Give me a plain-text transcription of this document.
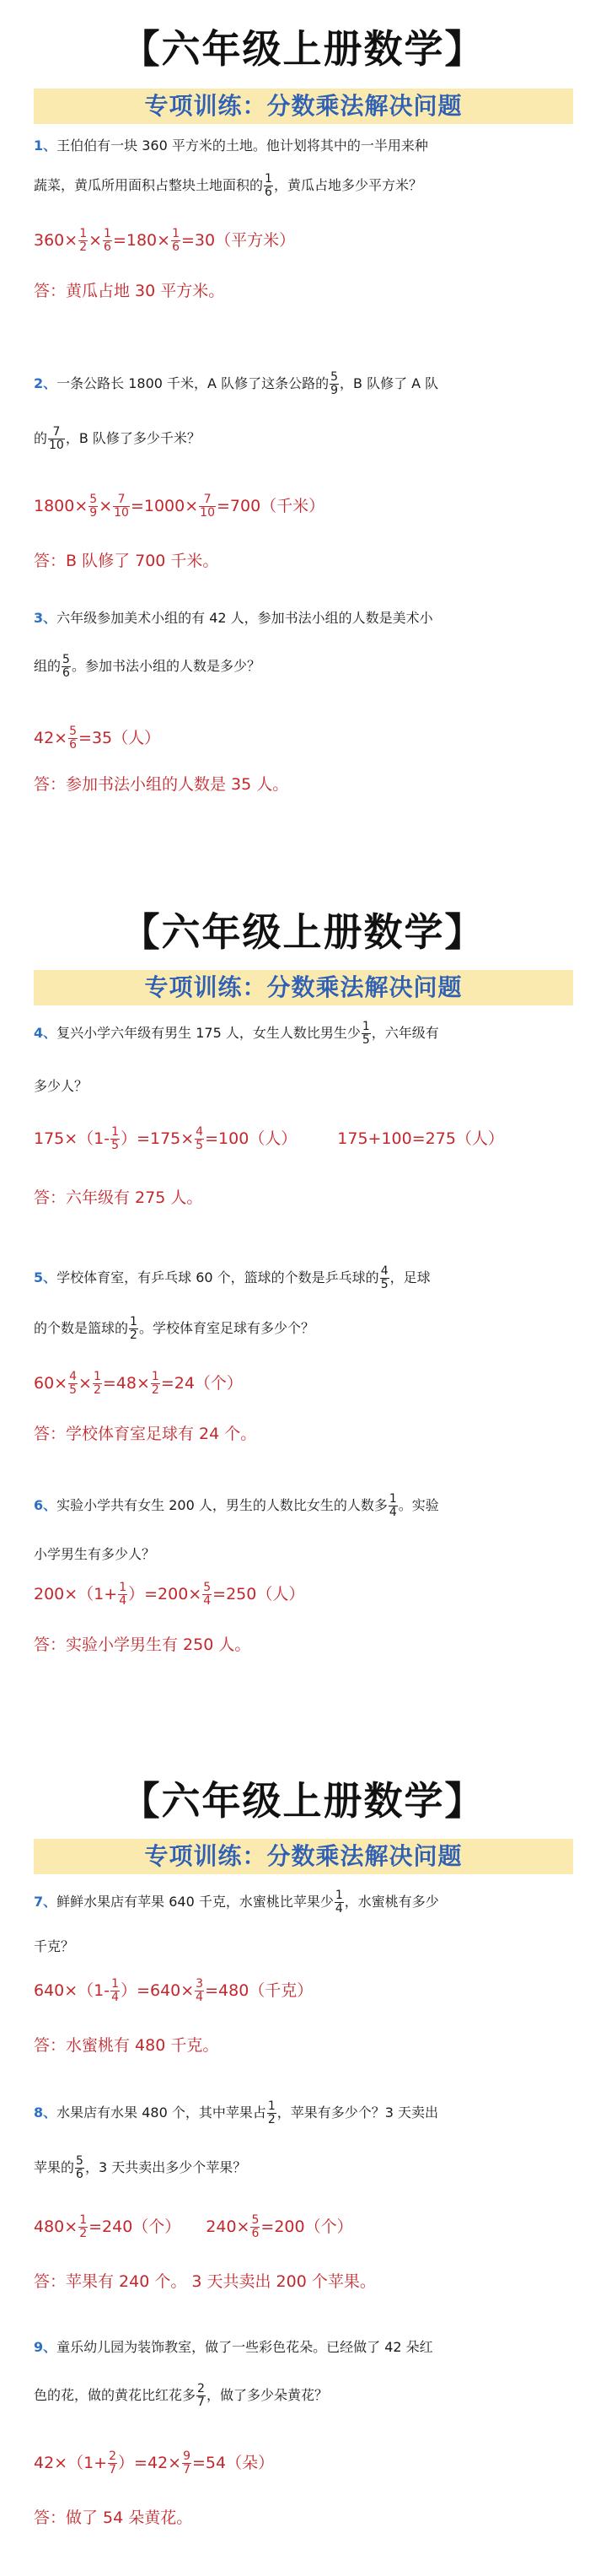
【六年级上册数学】
专项训练：分数乘法解决问题
1、王伯伯有一块 360 平方米的土地。他计划将其中的一半用来种
蔬菜，黄瓜所用面积占整块土地面积的 $\frac{1}{6}$ ，黄瓜占地多少平方米？
$360\times \frac{1}{2} \times \frac{1}{6} =180\times \frac{1}{6} =30$（平方米）
答：黄瓜占地 30 平方米。
2、一条公路长 1800 千米，A 队修了这条公路的 $\frac{5}{9}$ ，B 队修了 A 队
的 $\frac{7}{10}$ ，B 队修了多少千米？
$1800\times \frac{5}{9} \times \frac{7}{10} =1000\times \frac{7}{10} =700$（千米）
答：B 队修了 700 千米。
3、六年级参加美术小组的有 42 人，参加书法小组的人数是美术小
组的 $\frac{5}{6}$ 。参加书法小组的人数是多少？
$42\times \frac{5}{6} =35$（人）
答：参加书法小组的人数是 35 人。
【六年级上册数学】
专项训练：分数乘法解决问题
4、复兴小学六年级有男生 175 人，女生人数比男生少 $\frac{1}{5}$ ，六年级有
多少人？
$175\times(1- \frac{1}{5} )=175\times \frac{4}{5} =100$（人）	175+100=275（人）
答：六年级有 275 人。
5、学校体育室，有乒乓球 60 个，篮球的个数是乒乓球的 $\frac{4}{5}$ ，足球
的个数是篮球的 $\frac{1}{2}$ 。学校体育室足球有多少个？
$60\times \frac{4}{5} \times \frac{1}{2} =48\times \frac{1}{2} =24$（个）
答：学校体育室足球有 24 个。
6、实验小学共有女生 200 人，男生的人数比女生的人数多 $\frac{1}{4}$ 。实验
小学男生有多少人？
$200\times(1+ \frac{1}{4} )=200\times \frac{5}{4} =250$（人）
答：实验小学男生有 250 人。
【六年级上册数学】
专项训练：分数乘法解决问题
7、鲜鲜水果店有苹果 640 千克，水蜜桃比苹果少 $\frac{1}{4}$ ，水蜜桃有多少
千克？
$640\times(1- \frac{1}{4} )=640\times \frac{3}{4} =480$（千克）
答：水蜜桃有 480 千克。
8、水果店有水果 480 个，其中苹果占 $\frac{1}{2}$ ，苹果有多少个？3 天卖出
苹果的 $\frac{5}{6}$ ，3 天共卖出多少个苹果？
$480\times \frac{1}{2} =240$（个） $240\times \frac{5}{6} =200$（个）
答：苹果有 240 个。 3 天共卖出 200 个苹果。
9、童乐幼儿园为装饰教室，做了一些彩色花朵。已经做了 42 朵红
色的花，做的黄花比红花多 $\frac{2}{7}$ ，做了多少朵黄花？
$42\times(1+ \frac{2}{7} )=42\times \frac{9}{7} =54$（朵）
答：做了 54 朵黄花。
